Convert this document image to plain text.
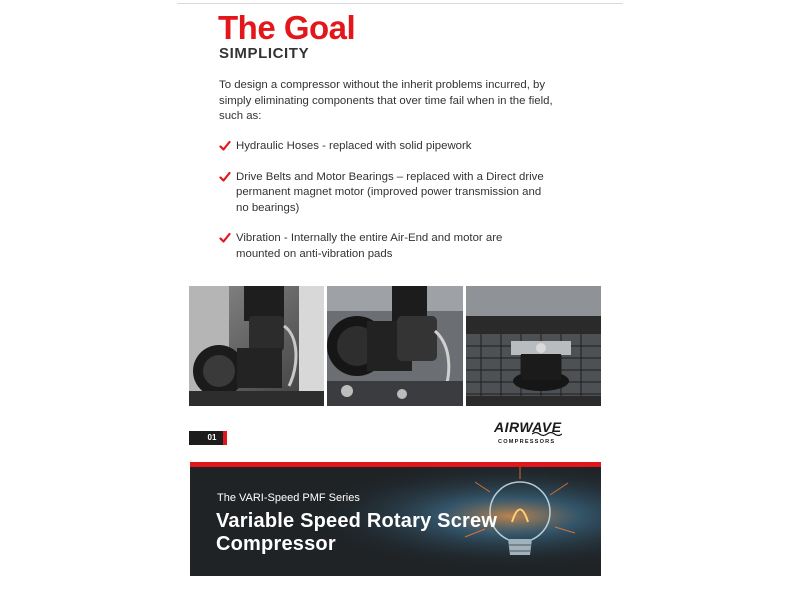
The Goal
SIMPLICITY

To design a compressor without the inherit problems incurred, by simply eliminating components that over time fail when in the field, such as:

Hydraulic Hoses - replaced with solid pipework
Drive Belts and Motor Bearings – replaced with a Direct drive permanent magnet motor (improved power transmission and no bearings)
Vibration - Internally the entire Air-End and motor are mounted on anti-vibration pads
01
AIRWAVE
COMPRESSORS
The VARI-Speed PMF Series
Variable Speed Rotary Screw Compressor
